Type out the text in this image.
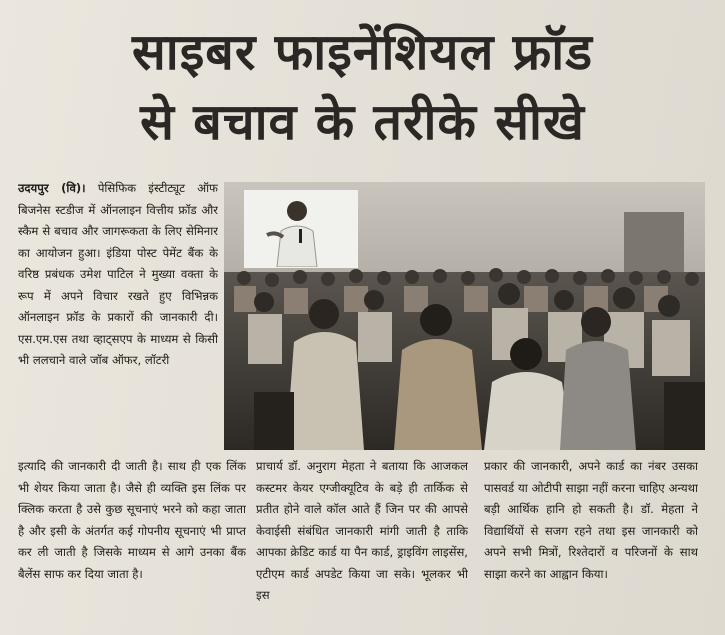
साइबर फाइनेंशियल फ्रॉड
से बचाव के तरीके सीखे

उदयपुर (वि)। पेसिफिक इंस्टीट्यूट ऑफ बिजनेस स्टडीज में ऑनलाइन वित्तीय फ्रॉड और स्कैम से बचाव और जागरूकता के लिए सेमिनार का आयोजन हुआ। इंडिया पोस्ट पेमेंट बैंक के वरिष्ठ प्रबंधक उमेश पाटिल ने मुख्या वक्ता के रूप में अपने विचार रखते हुए विभिन्नक ऑनलाइन फ्रॉड के प्रकारों की जानकारी दी। एस.एम.एस तथा व्हाट्सएप के माध्यम से किसी भी ललचाने वाले जॉब ऑफर, लॉटरी

इत्यादि की जानकारी दी जाती है। साथ ही एक लिंक भी शेयर किया जाता है। जैसे ही व्यक्ति इस लिंक पर क्लिक करता है उसे कुछ सूचनाएं भरने को कहा जाता है और इसी के अंतर्गत कई गोपनीय सूचनाएं भी प्राप्त कर ली जाती है जिसके माध्यम से आगे उनका बैंक बैलेंस साफ कर दिया जाता है।

प्राचार्य डॉ. अनुराग मेहता ने बताया कि आजकल कस्टमर केयर एग्जीक्यूटिव के बड़े ही तार्किक से प्रतीत होने वाले कॉल आते हैं जिन पर की आपसे केवाईसी संबंधित जानकारी मांगी जाती है ताकि आपका क्रेडिट कार्ड या पैन कार्ड, ड्राइविंग लाइसेंस, एटीएम कार्ड अपडेट किया जा सके। भूलकर भी इस

प्रकार की जानकारी, अपने कार्ड का नंबर उसका पासवर्ड या ओटीपी साझा नहीं करना चाहिए अन्यथा बड़ी आर्थिक हानि हो सकती है। डॉ. मेहता ने विद्यार्थियों से सजग रहने तथा इस जानकारी को अपने सभी मित्रों, रिश्तेदारों व परिजनों के साथ साझा करने का आह्वान किया।
